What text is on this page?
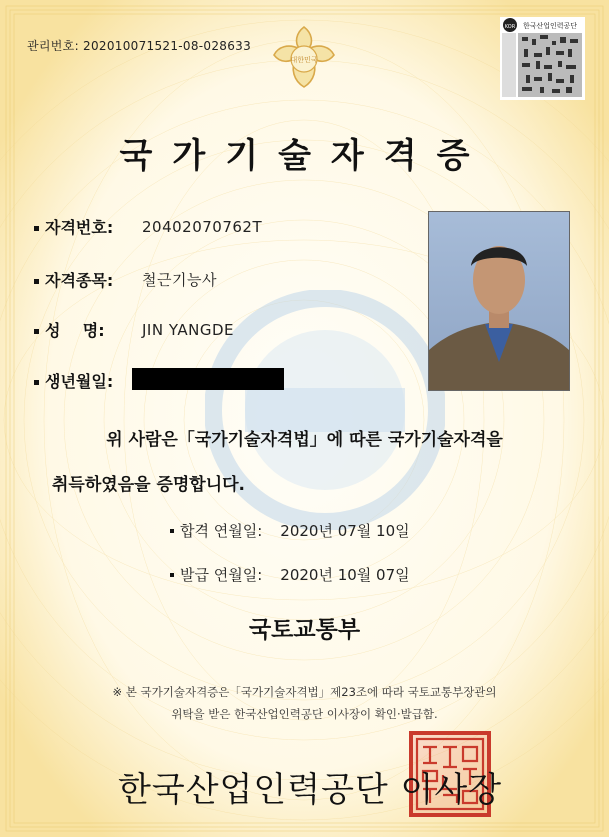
관리번호: 202010071521-08-028633
대한민국
KOR 한국산업인력공단
국가기술자격증
자격번호:	20402070762T
자격종목:	철근기능사
성    명:	JIN YANGDE
생년월일:
위 사람은「국가기술자격법」에 따른 국가기술자격을
취득하였음을 증명합니다.
합격 연월일: 2020년 07월 10일
발급 연월일: 2020년 10월 07일
국토교통부
※ 본 국가기술자격증은「국가기술자격법」제23조에 따라 국토교통부장관의
위탁을 받은 한국산업인력공단 이사장이 확인·발급함.
한국산업인력공단 이사장
